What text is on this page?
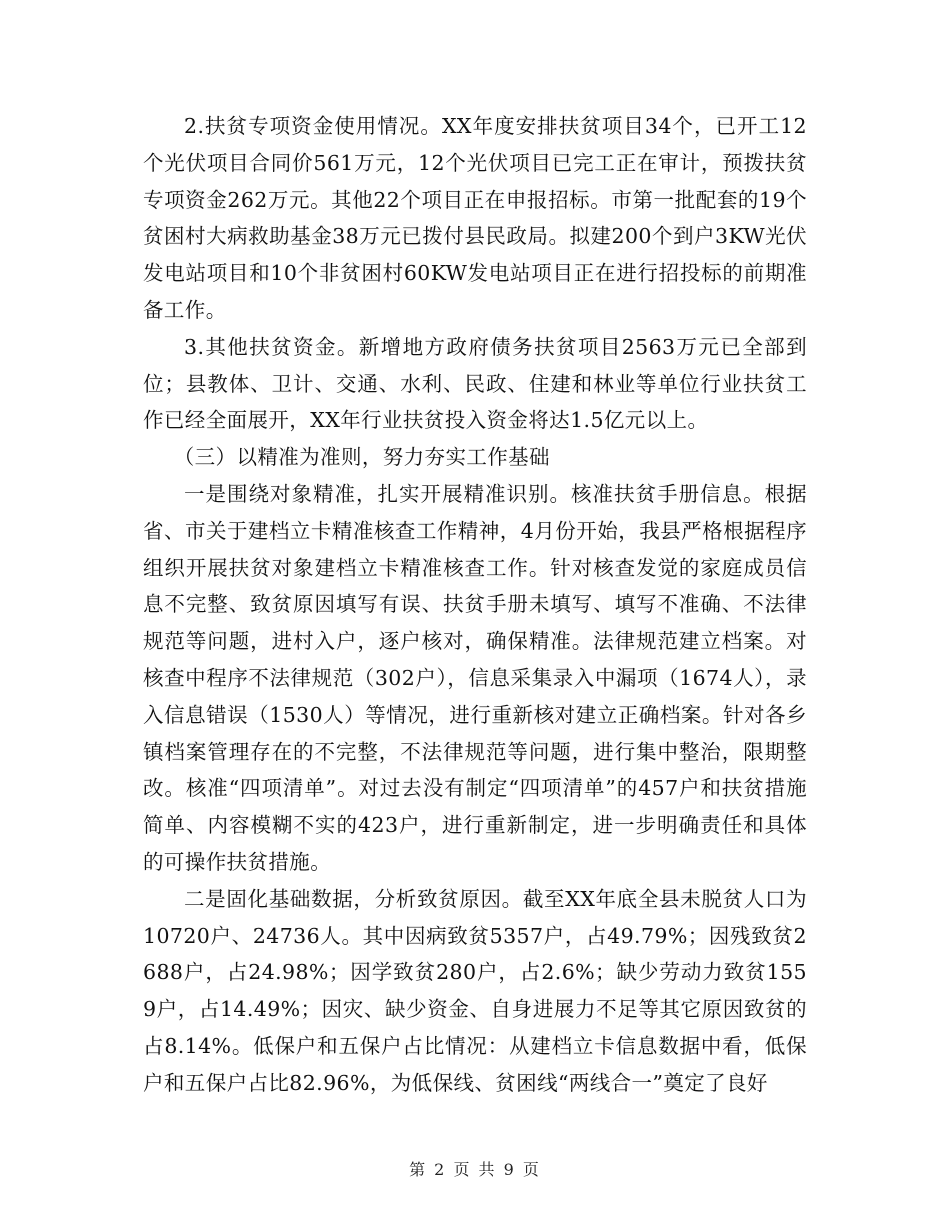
2.扶贫专项资金使用情况。XX年度安排扶贫项目34个，已开工12个光伏项目合同价561万元，12个光伏项目已完工正在审计，预拨扶贫专项资金262万元。其他22个项目正在申报招标。市第一批配套的19个贫困村大病救助基金38万元已拨付县民政局。拟建200个到户3KW光伏发电站项目和10个非贫困村60KW发电站项目正在进行招投标的前期准备工作。

3.其他扶贫资金。新增地方政府债务扶贫项目2563万元已全部到位；县教体、卫计、交通、水利、民政、住建和林业等单位行业扶贫工作已经全面展开，XX年行业扶贫投入资金将达1.5亿元以上。

（三）以精准为准则，努力夯实工作基础

一是围绕对象精准，扎实开展精准识别。核准扶贫手册信息。根据省、市关于建档立卡精准核查工作精神，4月份开始，我县严格根据程序组织开展扶贫对象建档立卡精准核查工作。针对核查发觉的家庭成员信息不完整、致贫原因填写有误、扶贫手册未填写、填写不准确、不法律规范等问题，进村入户，逐户核对，确保精准。法律规范建立档案。对核查中程序不法律规范（302户），信息采集录入中漏项（1674人），录入信息错误（1530人）等情况，进行重新核对建立正确档案。针对各乡镇档案管理存在的不完整，不法律规范等问题，进行集中整治，限期整改。核准“四项清单”。对过去没有制定“四项清单”的457户和扶贫措施简单、内容模糊不实的423户，进行重新制定，进一步明确责任和具体的可操作扶贫措施。

二是固化基础数据，分析致贫原因。截至XX年底全县未脱贫人口为10720户、24736人。其中因病致贫5357户，占49.79%；因残致贫2688户，占24.98%；因学致贫280户，占2.6%；缺少劳动力致贫1559户，占14.49%；因灾、缺少资金、自身进展力不足等其它原因致贫的占8.14%。低保户和五保户占比情况：从建档立卡信息数据中看，低保户和五保户占比82.96%，为低保线、贫困线“两线合一”奠定了良好

第 2 页 共 9 页
